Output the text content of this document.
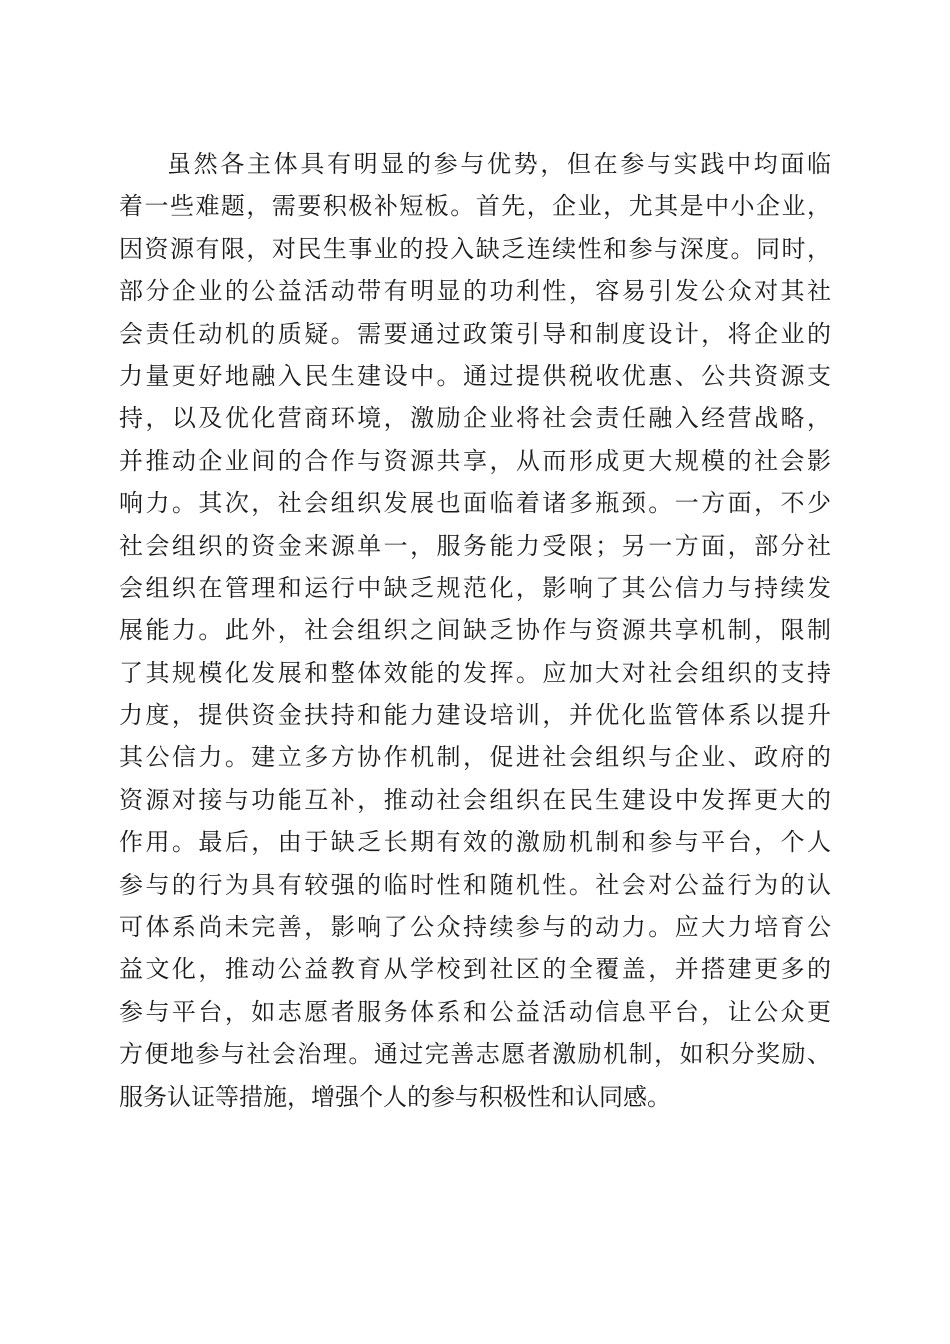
虽然各主体具有明显的参与优势，但在参与实践中均面临
着一些难题，需要积极补短板。首先，企业，尤其是中小企业，
因资源有限，对民生事业的投入缺乏连续性和参与深度。同时，
部分企业的公益活动带有明显的功利性，容易引发公众对其社
会责任动机的质疑。需要通过政策引导和制度设计，将企业的
力量更好地融入民生建设中。通过提供税收优惠、公共资源支
持，以及优化营商环境，激励企业将社会责任融入经营战略，
并推动企业间的合作与资源共享，从而形成更大规模的社会影
响力。其次，社会组织发展也面临着诸多瓶颈。一方面，不少
社会组织的资金来源单一，服务能力受限；另一方面，部分社
会组织在管理和运行中缺乏规范化，影响了其公信力与持续发
展能力。此外，社会组织之间缺乏协作与资源共享机制，限制
了其规模化发展和整体效能的发挥。应加大对社会组织的支持
力度，提供资金扶持和能力建设培训，并优化监管体系以提升
其公信力。建立多方协作机制，促进社会组织与企业、政府的
资源对接与功能互补，推动社会组织在民生建设中发挥更大的
作用。最后，由于缺乏长期有效的激励机制和参与平台，个人
参与的行为具有较强的临时性和随机性。社会对公益行为的认
可体系尚未完善，影响了公众持续参与的动力。应大力培育公
益文化，推动公益教育从学校到社区的全覆盖，并搭建更多的
参与平台，如志愿者服务体系和公益活动信息平台，让公众更
方便地参与社会治理。通过完善志愿者激励机制，如积分奖励、
服务认证等措施，增强个人的参与积极性和认同感。
